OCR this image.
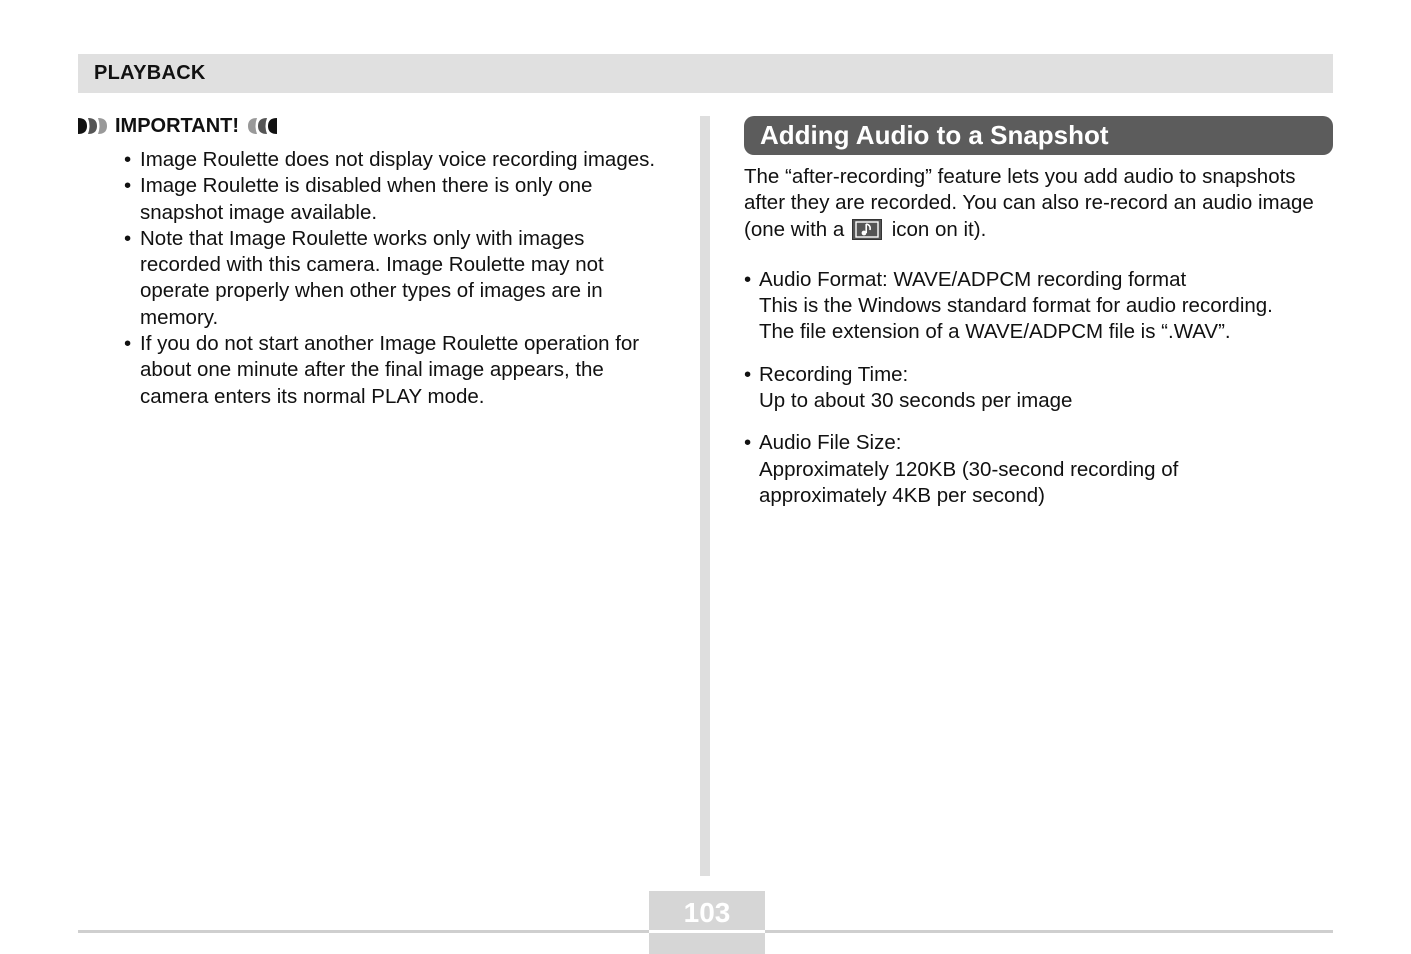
PLAYBACK
IMPORTANT!
• Image Roulette does not display voice recording images.
• Image Roulette is disabled when there is only one snapshot image available.
• Note that Image Roulette works only with images recorded with this camera. Image Roulette may not operate properly when other types of images are in memory.
• If you do not start another Image Roulette operation for about one minute after the final image appears, the camera enters its normal PLAY mode.
Adding Audio to a Snapshot

The “after-recording” feature lets you add audio to snapshots after they are recorded. You can also re-record an audio image (one with a icon on it).

• Audio Format: WAVE/ADPCM recording format
This is the Windows standard format for audio recording.
The file extension of a WAVE/ADPCM file is “.WAV”.
• Recording Time:
Up to about 30 seconds per image
• Audio File Size:
Approximately 120KB (30-second recording of
approximately 4KB per second)
103
